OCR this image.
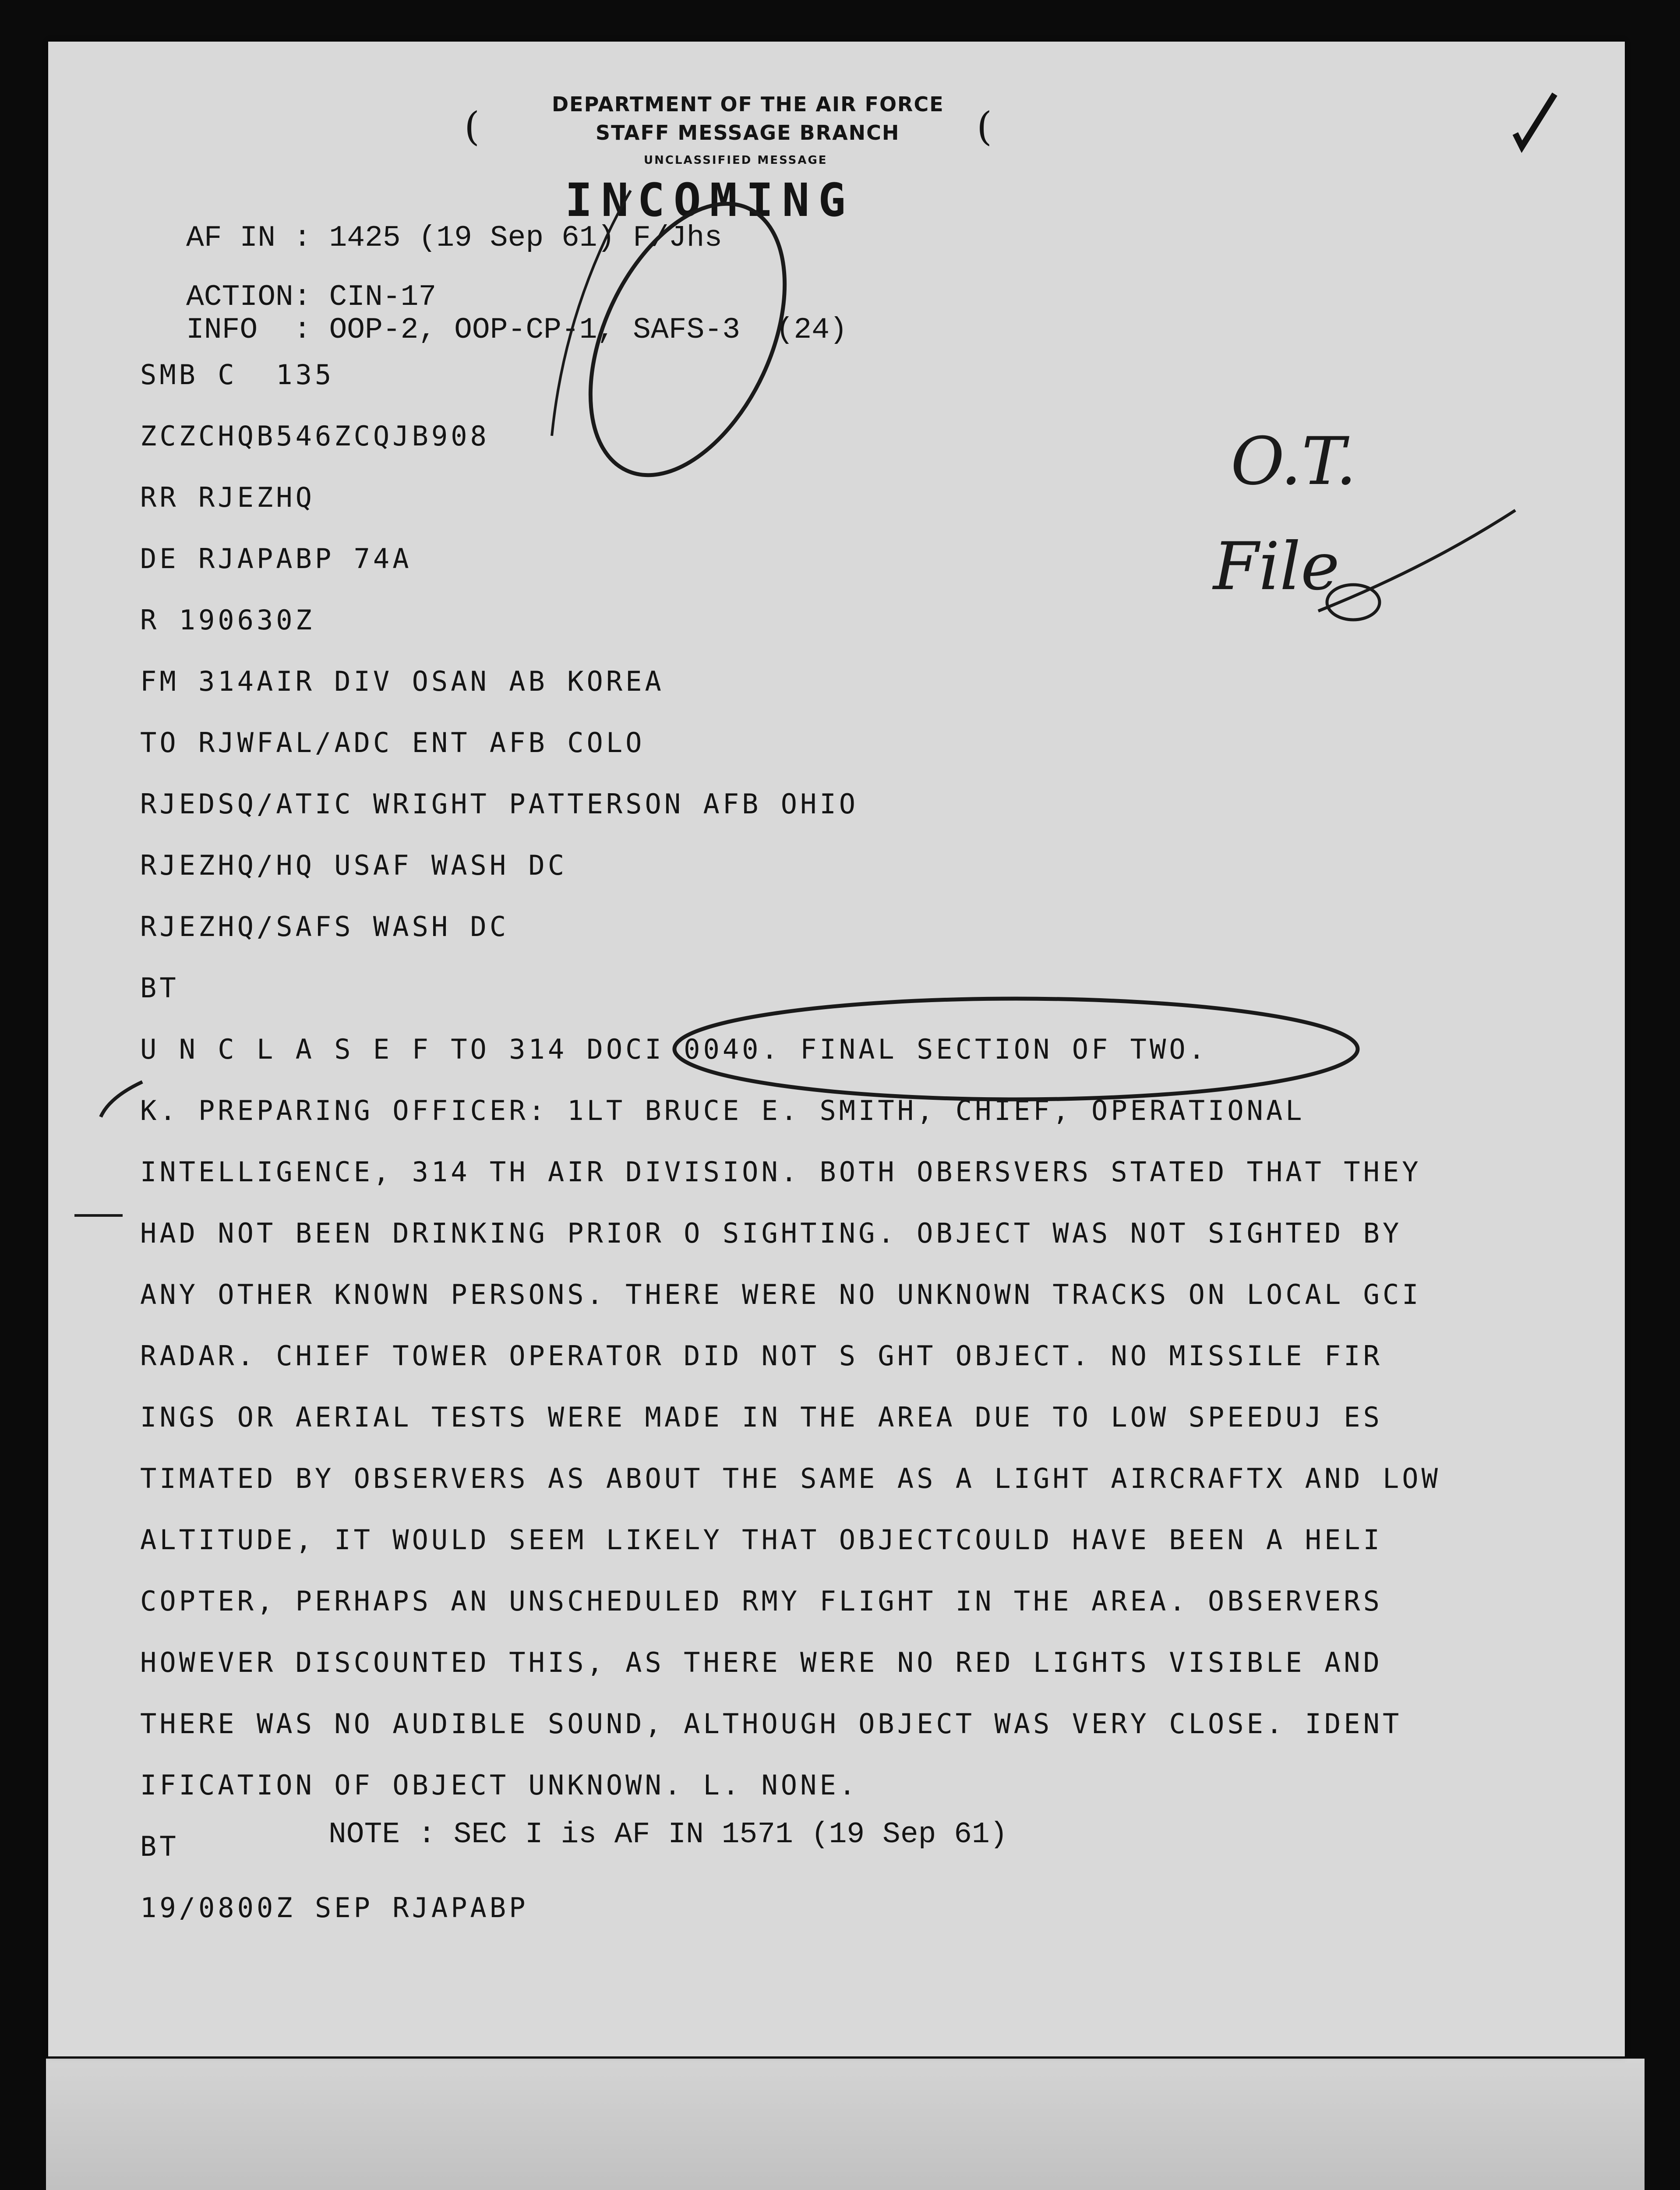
DEPARTMENT OF THE AIR FORCE
STAFF MESSAGE BRANCH
UNCLASSIFIED MESSAGE
(	(
INCOMING
AF IN : 1425 (19 Sep 61) F/Jhs
ACTION: CIN-17
INFO  : OOP-2, OOP-CP-1, SAFS-3  (24)
SMB C  135
ZCZCHQB546ZCQJB908
RR RJEZHQ
DE RJAPABP 74A
R 190630Z
FM 314AIR DIV OSAN AB KOREA
TO RJWFAL/ADC ENT AFB COLO
RJEDSQ/ATIC WRIGHT PATTERSON AFB OHIO
RJEZHQ/HQ USAF WASH DC
RJEZHQ/SAFS WASH DC
BT
U N C L A S E F TO 314 DOCI 0040. FINAL SECTION OF TWO.
K. PREPARING OFFICER: 1LT BRUCE E. SMITH, CHIEF, OPERATIONAL
INTELLIGENCE, 314 TH AIR DIVISION. BOTH OBERSVERS STATED THAT THEY
HAD NOT BEEN DRINKING PRIOR O SIGHTING. OBJECT WAS NOT SIGHTED BY
ANY OTHER KNOWN PERSONS. THERE WERE NO UNKNOWN TRACKS ON LOCAL GCI
RADAR. CHIEF TOWER OPERATOR DID NOT S GHT OBJECT. NO MISSILE FIR
INGS OR AERIAL TESTS WERE MADE IN THE AREA DUE TO LOW SPEEDUJ ES
TIMATED BY OBSERVERS AS ABOUT THE SAME AS A LIGHT AIRCRAFTX AND LOW
ALTITUDE, IT WOULD SEEM LIKELY THAT OBJECTCOULD HAVE BEEN A HELI
COPTER, PERHAPS AN UNSCHEDULED RMY FLIGHT IN THE AREA. OBSERVERS
HOWEVER DISCOUNTED THIS, AS THERE WERE NO RED LIGHTS VISIBLE AND
THERE WAS NO AUDIBLE SOUND, ALTHOUGH OBJECT WAS VERY CLOSE. IDENT
IFICATION OF OBJECT UNKNOWN. L. NONE.
BT
19/0800Z SEP RJAPABP
NOTE : SEC I is AF IN 1571 (19 Sep 61)
O.T.
File
